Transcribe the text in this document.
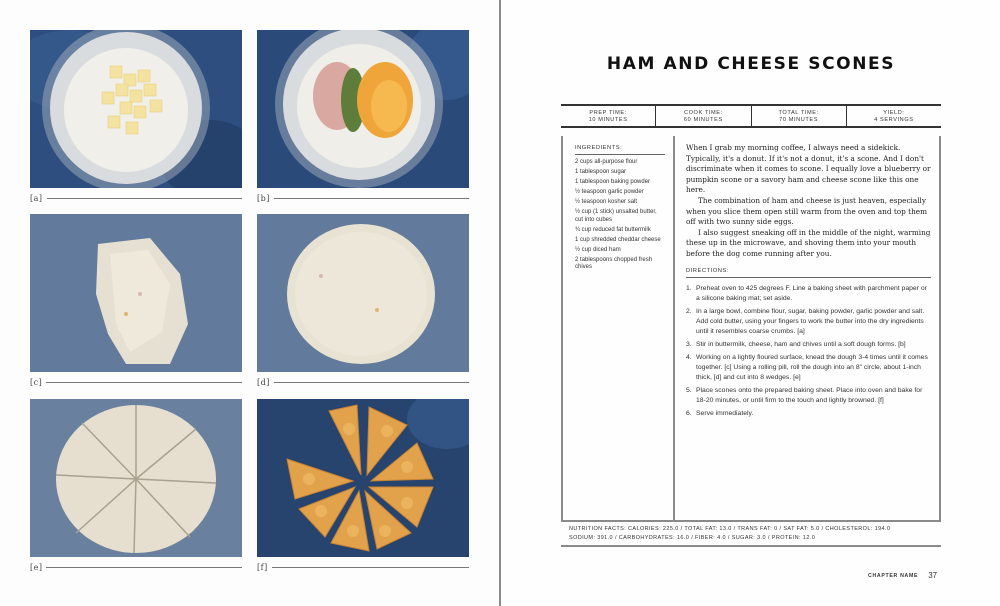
[a]	[b]
[c]	[d]
[e]	[f]
HAM AND CHEESE SCONES
PREP TIME:
10 MINUTES
COOK TIME:
60 MINUTES
TOTAL TIME:
70 MINUTES
YIELD:
4 SERVINGS
INGREDIENTS:
2 cups all-purpose flour
1 tablespoon sugar
1 tablespoon baking powder
½ teaspoon garlic powder
½ teaspoon kosher salt
½ cup (1 stick) unsalted butter, cut into cubes
¾ cup reduced fat buttermilk
1 cup shredded cheddar cheese
½ cup diced ham
2 tablespoons chopped fresh chives

When I grab my morning coffee, I always need a sidekick. Typically, it's a donut. If it's not a donut, it's a scone. And I don't discriminate when it comes to scone. I equally love a blueberry or pumpkin scone or a savory ham and cheese scone like this one here.

The combination of ham and cheese is just heaven, especially when you slice them open still warm from the oven and top them off with two sunny side eggs.

I also suggest sneaking off in the middle of the night, warming these up in the microwave, and shoving them into your mouth before the dog come running after you.

DIRECTIONS:
1. Preheat oven to 425 degrees F. Line a baking sheet with parchment paper or a silicone baking mat; set aside.
2. In a large bowl, combine flour, sugar, baking powder, garlic powder and salt. Add cold butter, using your fingers to work the butter into the dry ingredients until it resembles coarse crumbs. [a]
3. Stir in buttermilk, cheese, ham and chives until a soft dough forms. [b]
4. Working on a lightly floured surface, knead the dough 3-4 times until it comes together. [c] Using a rolling pill, roll the dough into an 8" circle, about 1-inch thick, [d] and cut into 8 wedges. [e]
5. Place scones onto the prepared baking sheet. Place into oven and bake for 18-20 minutes, or until firm to the touch and lightly browned. [f]
6. Serve immediately.
NUTRITION FACTS: CALORIES: 225.0 / TOTAL FAT: 13.0 / TRANS FAT: 0 / SAT FAT: 5.0 / CHOLESTEROL: 194.0
SODIUM: 391.0 / CARBOHYDRATES: 16.0 / FIBER: 4.0 / SUGAR: 3.0 / PROTEIN: 12.0
CHAPTER NAME 37
